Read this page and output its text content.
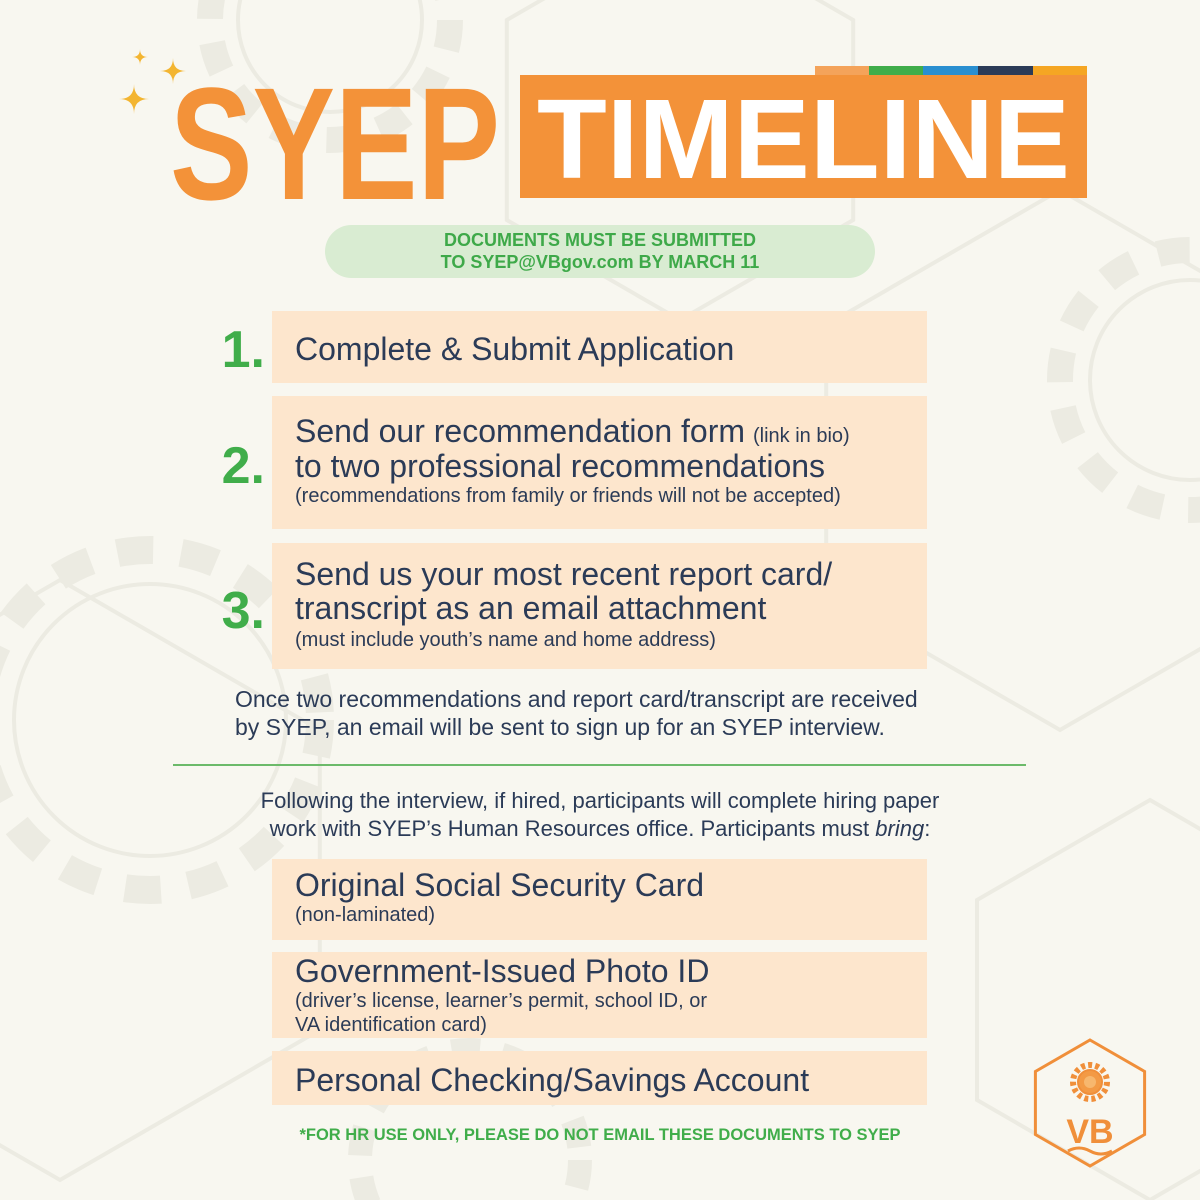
SYEP TIMELINE
DOCUMENTS MUST BE SUBMITTED
TO SYEP@VBgov.com BY MARCH 11
1. Complete & Submit Application
2.
Send our recommendation form (link in bio)
to two professional recommendations
(recommendations from family or friends will not be accepted)
3.
Send us your most recent report card/
transcript as an email attachment
(must include youth’s name and home address)
Once two recommendations and report card/transcript are received
by SYEP, an email will be sent to sign up for an SYEP interview.
Following the interview, if hired, participants will complete hiring paper
work with SYEP’s Human Resources office. Participants must bring:
Original Social Security Card
(non-laminated)
Government-Issued Photo ID
(driver’s license, learner’s permit, school ID, or
VA identification card)
Personal Checking/Savings Account
*FOR HR USE ONLY, PLEASE DO NOT EMAIL THESE DOCUMENTS TO SYEP	VB
